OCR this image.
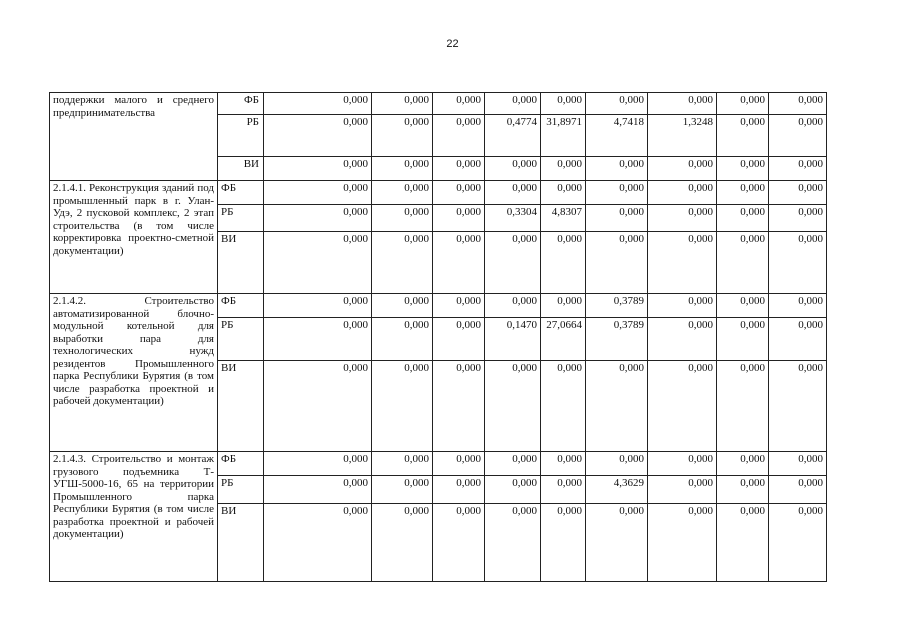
22
поддержки малого и среднего предпринимательства	ФБ	0,000	0,000	0,000	0,000	0,000	0,000	0,000	0,000	0,000
	РБ	0,000	0,000	0,000	0,4774	31,8971	4,7418	1,3248	0,000	0,000
	ВИ	0,000	0,000	0,000	0,000	0,000	0,000	0,000	0,000	0,000
2.1.4.1. Реконструкция зданий под промышленный парк в г. Улан-Удэ, 2 пусковой комплекс, 2 этап строительства (в том числе корректировка проектно-сметной документации)	ФБ	0,000	0,000	0,000	0,000	0,000	0,000	0,000	0,000	0,000
	РБ	0,000	0,000	0,000	0,3304	4,8307	0,000	0,000	0,000	0,000
	ВИ	0,000	0,000	0,000	0,000	0,000	0,000	0,000	0,000	0,000
2.1.4.2. Строительство автоматизированной блочно-модульной котельной для выработки пара для технологических нужд резидентов Промышленного парка Республики Бурятия (в том числе разработка проектной и рабочей документации)	ФБ	0,000	0,000	0,000	0,000	0,000	0,3789	0,000	0,000	0,000
	РБ	0,000	0,000	0,000	0,1470	27,0664	0,3789	0,000	0,000	0,000
	ВИ	0,000	0,000	0,000	0,000	0,000	0,000	0,000	0,000	0,000
2.1.4.3. Строительство и монтаж грузового подъемника Т-УГШ-5000-16, 65 на территории Промышленного парка Республики Бурятия (в том числе разработка проектной и рабочей документации)	ФБ	0,000	0,000	0,000	0,000	0,000	0,000	0,000	0,000	0,000
	РБ	0,000	0,000	0,000	0,000	0,000	4,3629	0,000	0,000	0,000
	ВИ	0,000	0,000	0,000	0,000	0,000	0,000	0,000	0,000	0,000
